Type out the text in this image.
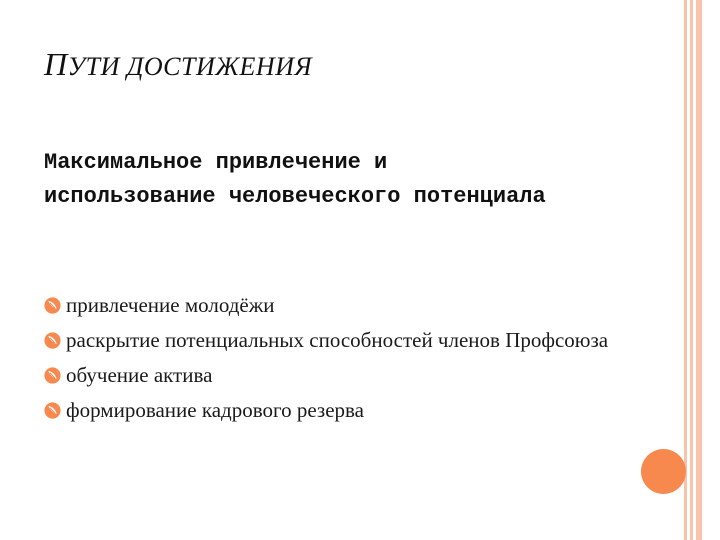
ПУТИ ДОСТИЖЕНИЯ
Максимальное привлечение и использование человеческого потенциала
привлечение молодёжи
раскрытие потенциальных способностей членов Профсоюза
обучение актива
формирование кадрового резерва
